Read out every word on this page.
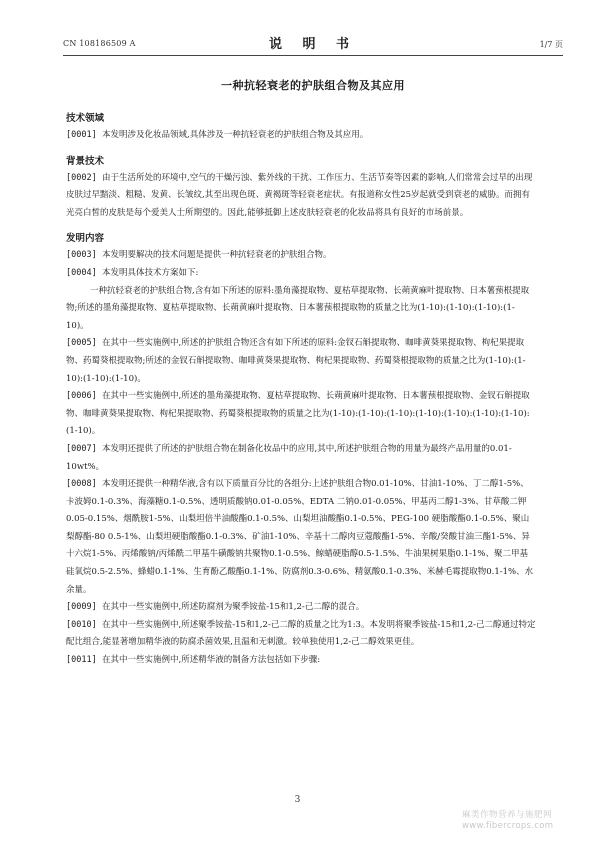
CN 108186509 A	说 明 书	1/7 页
一种抗轻衰老的护肤组合物及其应用
技术领域
[0001] 本发明涉及化妆品领域,具体涉及一种抗轻衰老的护肤组合物及其应用。
背景技术
[0002] 由于生活所处的环境中,空气的干燥污浊、紫外线的干扰、工作压力、生活节奏等因素的影响,人们常常会过早的出现皮肤过早黯淡、粗糙、发黄、长皱纹,其至出现色斑、黄褐斑等轻衰老症状。有报道称女性25岁起就受到衰老的威胁。而拥有光亮白皙的皮肤是每个爱美人士所期望的。因此,能够抵御上述皮肤轻衰老的化妆品将具有良好的市场前景。
发明内容
[0003] 本发明要解决的技术问题是提供一种抗轻衰老的护肤组合物。
[0004] 本发明具体技术方案如下:
一种抗轻衰老的护肤组合物,含有如下所述的原料:墨角藻提取物、夏枯草提取物、长蒴黄麻叶提取物、日本薯蓣根提取物;所述的墨角藻提取物、夏枯草提取物、长蒴黄麻叶提取物、日本薯蓣根提取物的质量之比为(1-10):(1-10):(1-10):(1-10)。
[0005] 在其中一些实施例中,所述的护肤组合物还含有如下所述的原料:金钗石斛提取物、咖啡黄葵果提取物、枸杞果提取物、药蜀葵根提取物;所述的金钗石斛提取物、咖啡黄葵果提取物、枸杞果提取物、药蜀葵根提取物的质量之比为(1-10):(1-10):(1-10):(1-10)。
[0006] 在其中一些实施例中,所述的墨角藻提取物、夏枯草提取物、长蒴黄麻叶提取物、日本薯蓣根提取物、金钗石斛提取物、咖啡黄葵果提取物、枸杞果提取物、药蜀葵根提取物的质量之比为(1-10):(1-10):(1-10):(1-10):(1-10):(1-10):(1-10):(1-10)。
[0007] 本发明还提供了所述的护肤组合物在制备化妆品中的应用,其中,所述护肤组合物的用量为最终产品用量的0.01-10wt%。
[0008] 本发明还提供一种精华液,含有以下质量百分比的各组分:上述护肤组合物0.01-10%、甘油1-10%、丁二醇1-5%、卡波姆0.1-0.3%、海藻糖0.1-0.5%、透明质酸钠0.01-0.05%、EDTA 二钠0.01-0.05%、甲基丙二醇1-3%、甘草酸二钾0.05-0.15%、烟酰胺1-5%、山梨坦倍半油酸酯0.1-0.5%、山梨坦油酸酯0.1-0.5%、PEG-100 硬脂酸酯0.1-0.5%、聚山梨醇酯-80 0.5-1%、山梨坦硬脂酸酯0.1-0.3%、矿油1-10%、辛基十二醇肉豆蔻酸酯1-5%、辛酸/癸酸甘油三酯1-5%、异十六烷1-5%、丙烯酸钠/丙烯酰二甲基牛磺酸钠共聚物0.1-0.5%、鲸蜡硬脂醇0.5-1.5%、牛油果树果脂0.1-1%、聚二甲基硅氧烷0.5-2.5%、蜂蜡0.1-1%、生育酚乙酸酯0.1-1%、防腐剂0.3-0.6%、精氨酸0.1-0.3%、米赫毛霉提取物0.1-1%、水余量。
[0009] 在其中一些实施例中,所述防腐剂为聚季铵盐-15和1,2-己二醇的混合。
[0010] 在其中一些实施例中,所述聚季铵盐-15和1,2-己二醇的质量之比为1:3。本发明将聚季铵盐-15和1,2-己二醇通过特定配比组合,能显著增加精华液的防腐杀菌效果,且温和无刺激。较单独使用1,2-己二醇效果更佳。
[0011] 在其中一些实施例中,所述精华液的制备方法包括如下步骤:
3
麻类作物营养与施肥网
www.fibercrops.com
